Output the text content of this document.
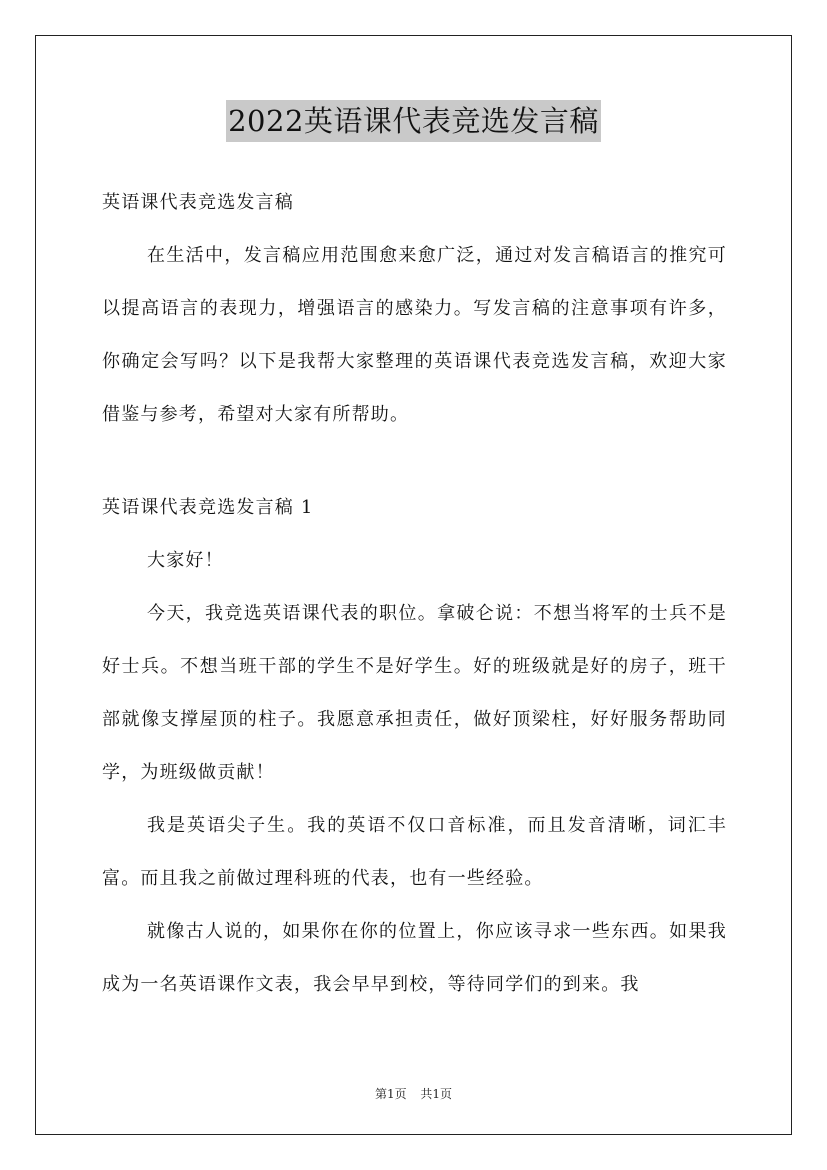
2022英语课代表竞选发言稿

英语课代表竞选发言稿

在生活中，发言稿应用范围愈来愈广泛，通过对发言稿语言的推究可以提高语言的表现力，增强语言的感染力。写发言稿的注意事项有许多，你确定会写吗？以下是我帮大家整理的英语课代表竞选发言稿，欢迎大家借鉴与参考，希望对大家有所帮助。

英语课代表竞选发言稿 1

大家好！

今天，我竞选英语课代表的职位。拿破仑说：不想当将军的士兵不是好士兵。不想当班干部的学生不是好学生。好的班级就是好的房子，班干部就像支撑屋顶的柱子。我愿意承担责任，做好顶梁柱，好好服务帮助同学，为班级做贡献！

我是英语尖子生。我的英语不仅口音标准，而且发音清晰，词汇丰富。而且我之前做过理科班的代表，也有一些经验。

就像古人说的，如果你在你的位置上，你应该寻求一些东西。如果我成为一名英语课作文表，我会早早到校，等待同学们的到来。我

第1页 共1页
